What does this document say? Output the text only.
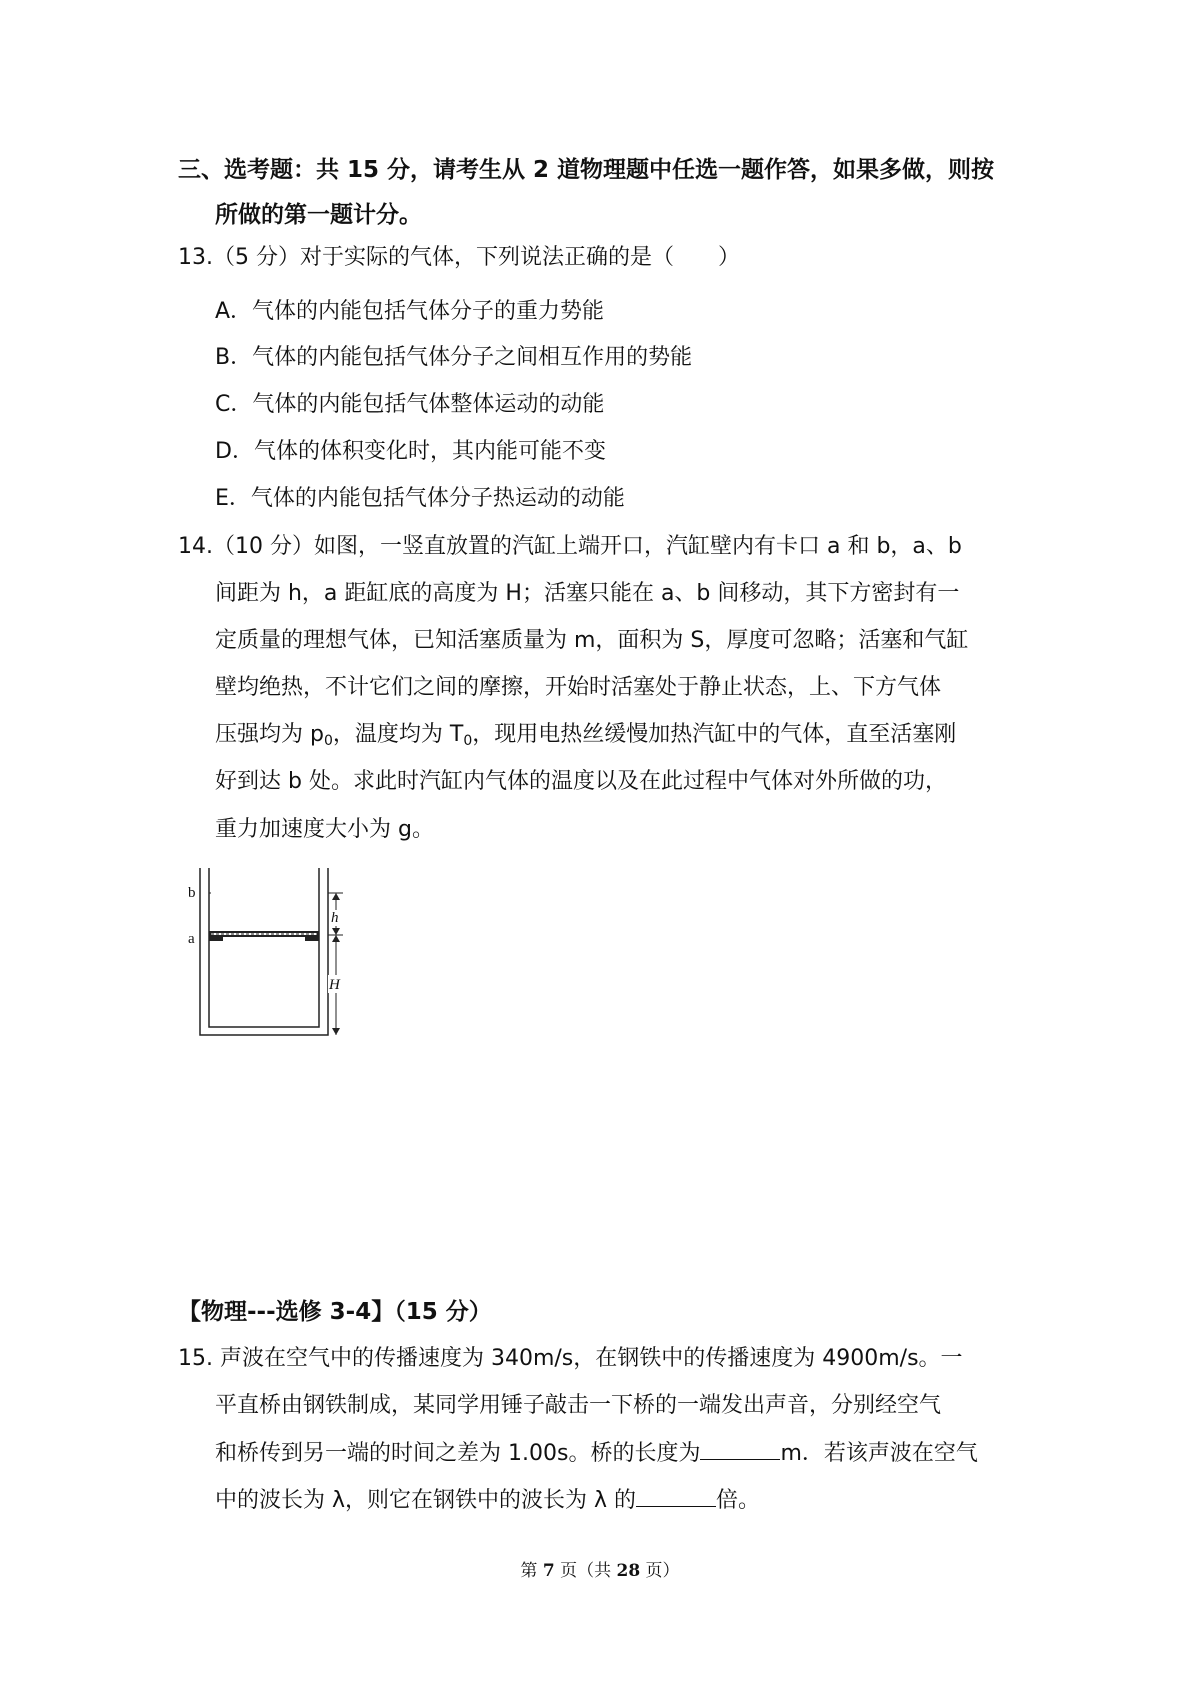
三、选考题：共 15 分，请考生从 2 道物理题中任选一题作答，如果多做，则按
所做的第一题计分。
13.（5 分）对于实际的气体，下列说法正确的是（　　）
A．气体的内能包括气体分子的重力势能
B．气体的内能包括气体分子之间相互作用的势能
C．气体的内能包括气体整体运动的动能
D．气体的体积变化时，其内能可能不变
E．气体的内能包括气体分子热运动的动能
14.（10 分）如图，一竖直放置的汽缸上端开口，汽缸壁内有卡口 a 和 b，a、b
间距为 h，a 距缸底的高度为 H；活塞只能在 a、b 间移动，其下方密封有一
定质量的理想气体，已知活塞质量为 m，面积为 S，厚度可忽略；活塞和气缸
壁均绝热，不计它们之间的摩擦，开始时活塞处于静止状态，上、下方气体
压强均为 $p_0$，温度均为 $T_0$，现用电热丝缓慢加热汽缸中的气体，直至活塞刚
好到达 b 处。求此时汽缸内气体的温度以及在此过程中气体对外所做的功，
重力加速度大小为 g。
b
a
h
H
【物理---选修 3-4】（15 分）
15. 声波在空气中的传播速度为 340m/s，在钢铁中的传播速度为 4900m/s。一
平直桥由钢铁制成，某同学用锤子敲击一下桥的一端发出声音，分别经空气
和桥传到另一端的时间之差为 1.00s。桥的长度为	m．若该声波在空气
中的波长为 λ，则它在钢铁中的波长为 λ 的	倍。
第 7 页（共 28 页）
